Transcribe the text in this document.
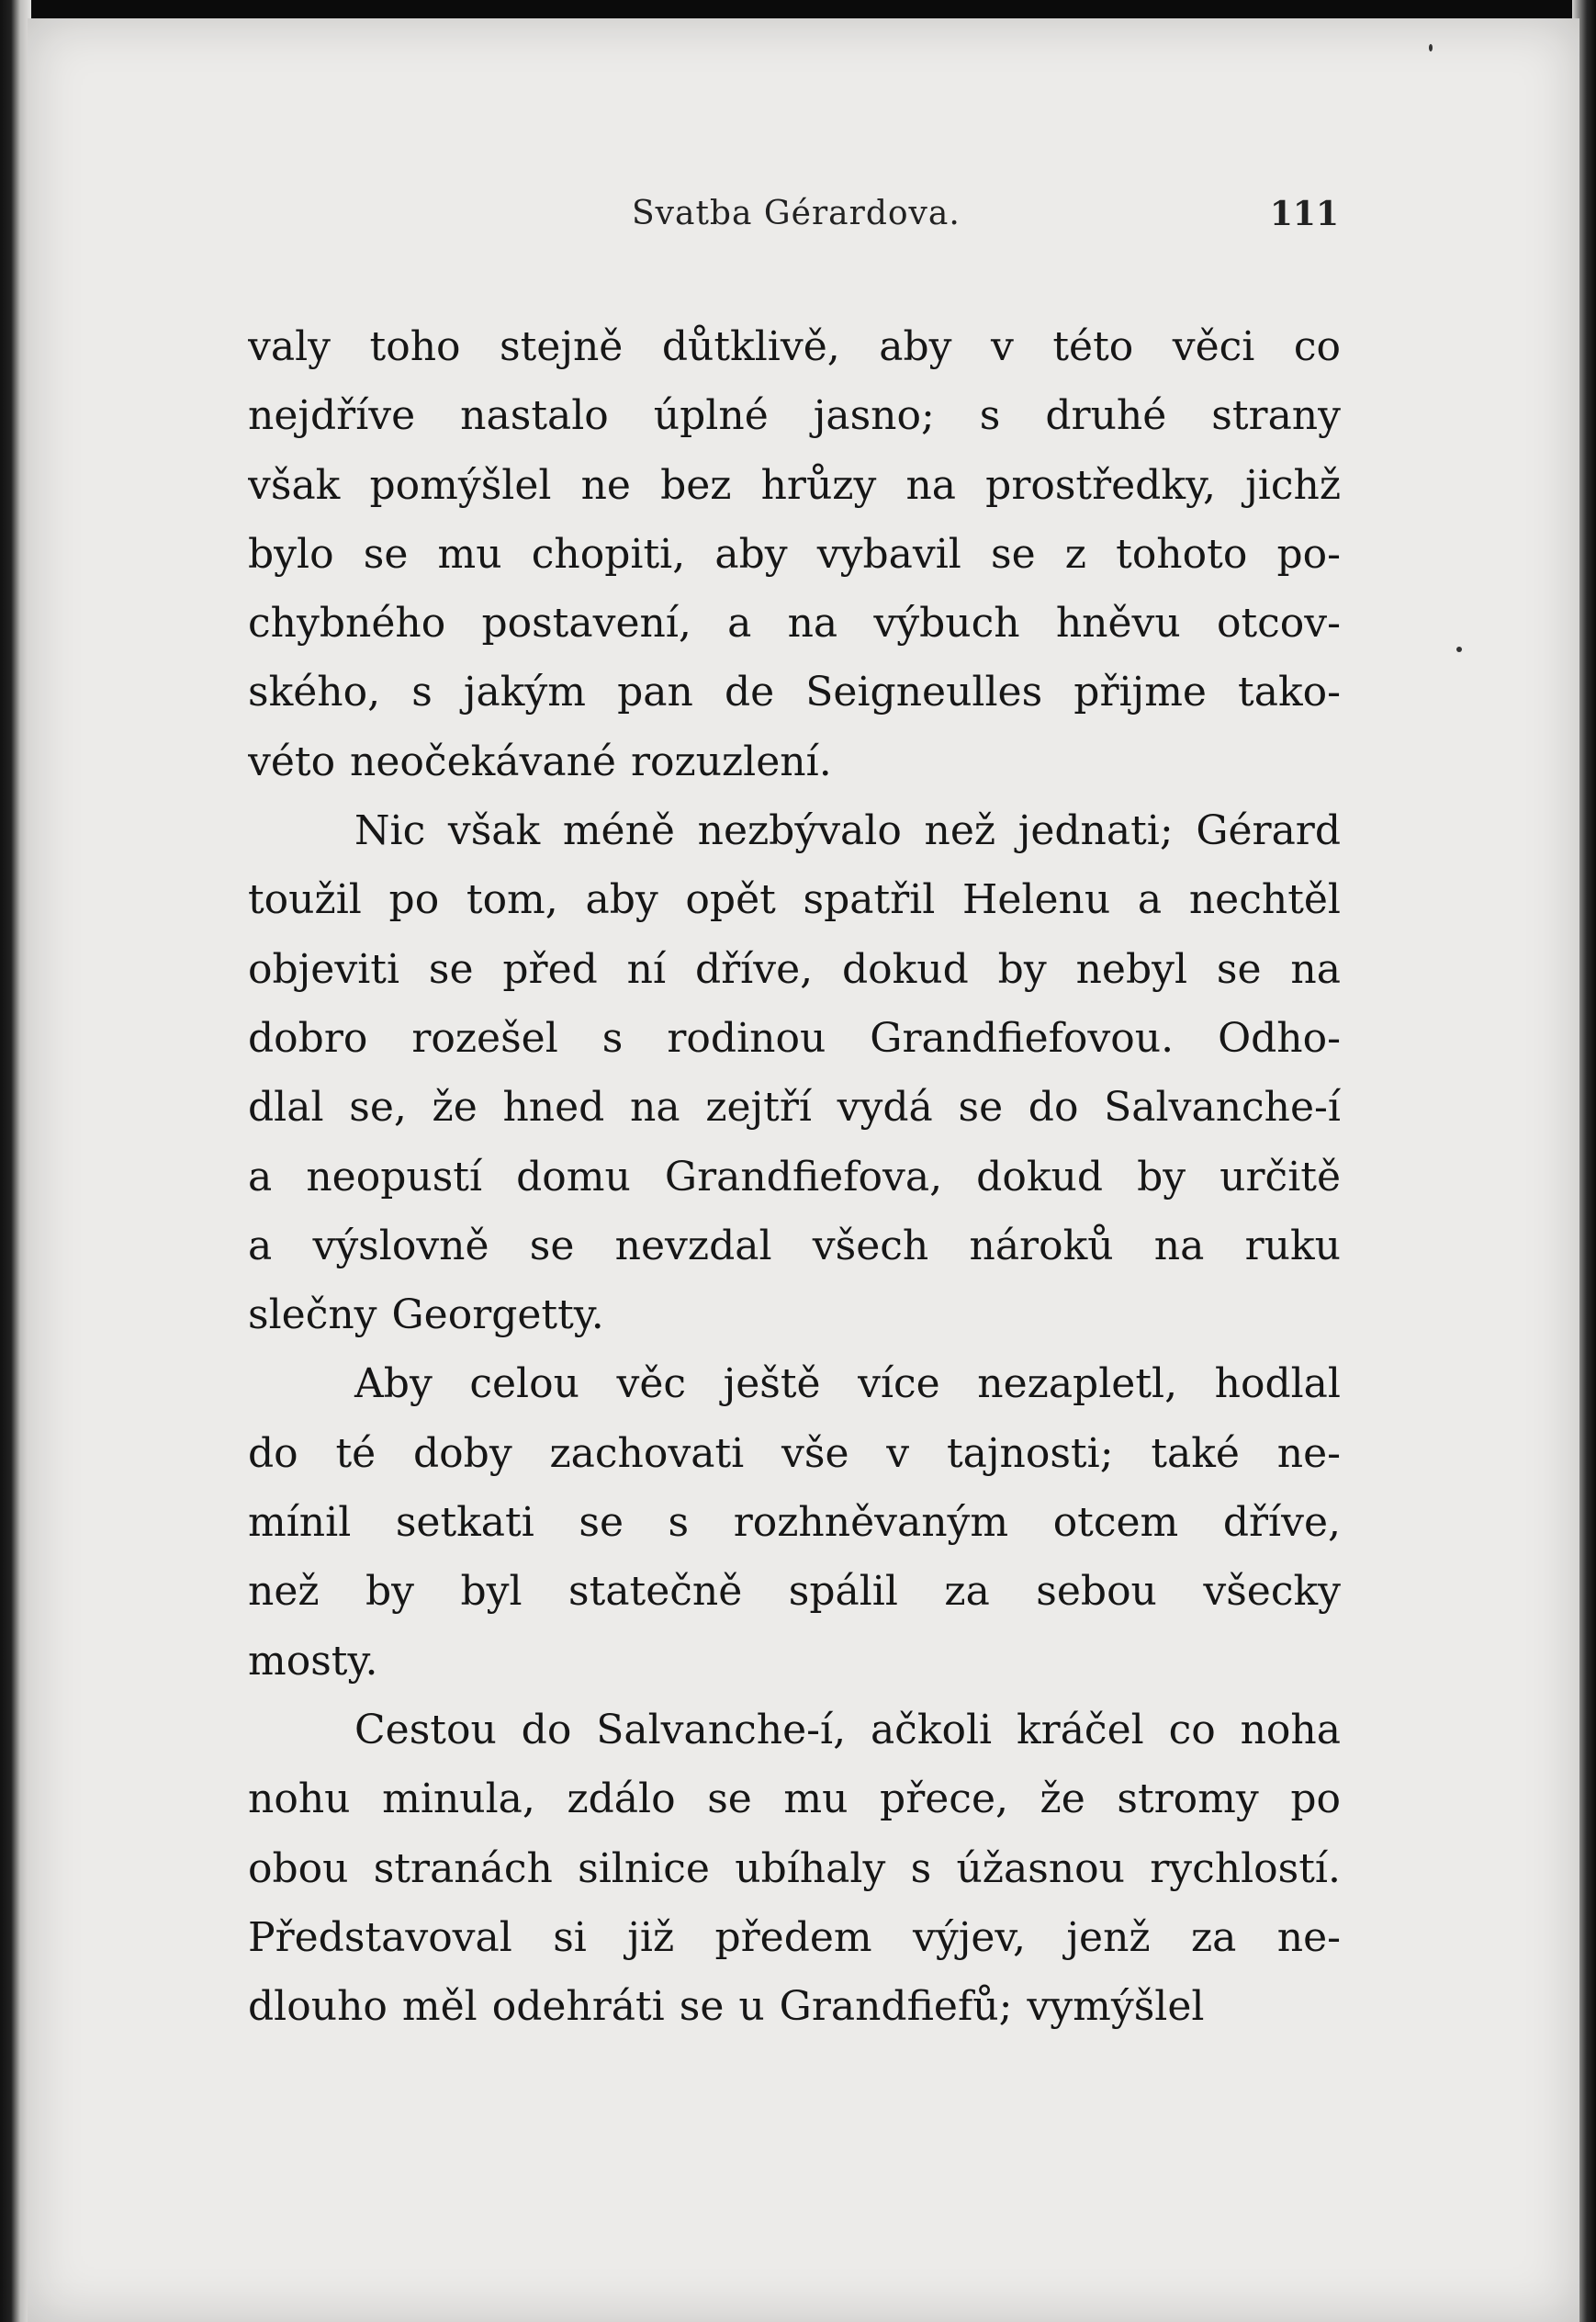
Svatba Gérardova.	111
valy toho stejně důtklivě, aby v této věci co
nejdříve nastalo úplné jasno; s druhé strany
však pomýšlel ne bez hrůzy na prostředky, jichž
bylo se mu chopiti, aby vybavil se z tohoto po-
chybného postavení, a na výbuch hněvu otcov-
ského, s jakým pan de Seigneulles přijme tako-
véto neočekávané rozuzlení.
Nic však méně nezbývalo než jednati; Gérard
toužil po tom, aby opět spatřil Helenu a nechtěl
objeviti se před ní dříve, dokud by nebyl se na
dobro rozešel s rodinou Grandfiefovou. Odho-
dlal se, že hned na zejtří vydá se do Salvanche-í
a neopustí domu Grandfiefova, dokud by určitě
a výslovně se nevzdal všech nároků na ruku
slečny Georgetty.
Aby celou věc ještě více nezapletl, hodlal
do té doby zachovati vše v tajnosti; také ne-
mínil setkati se s rozhněvaným otcem dříve,
než by byl statečně spálil za sebou všecky
mosty.
Cestou do Salvanche-í, ačkoli kráčel co noha
nohu minula, zdálo se mu přece, že stromy po
obou stranách silnice ubíhaly s úžasnou rychlostí.
Představoval si již předem výjev, jenž za ne-
dlouho měl odehráti se u Grandfiefů; vymýšlel
